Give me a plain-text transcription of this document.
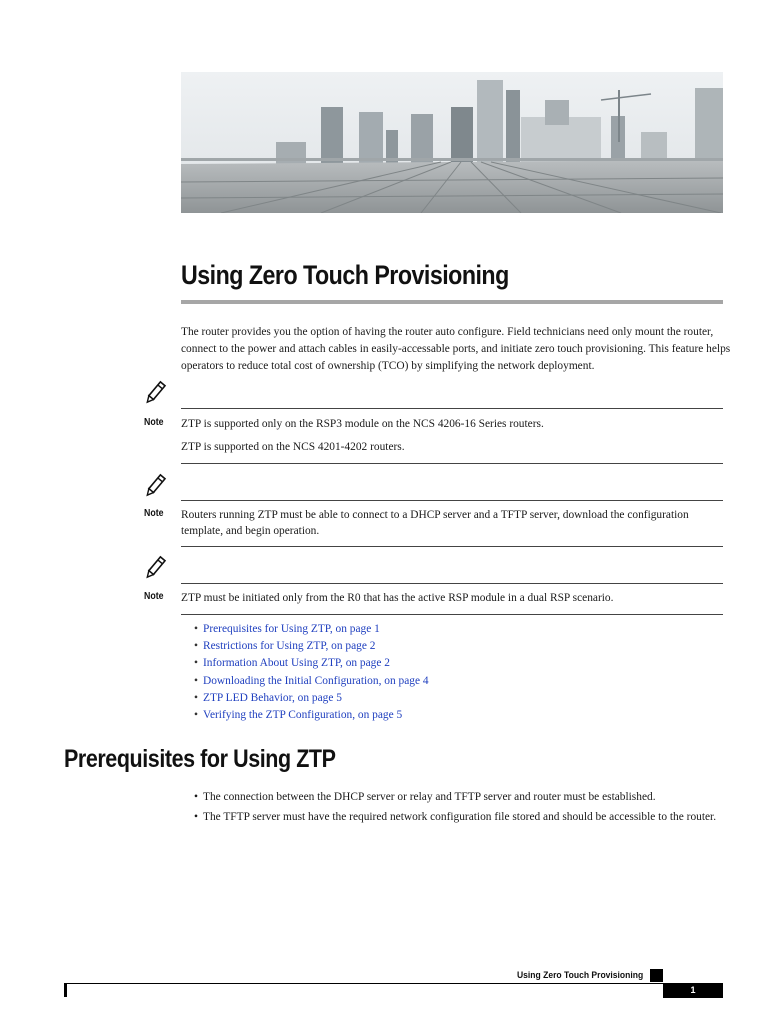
Using Zero Touch Provisioning

The router provides you the option of having the router auto configure. Field technicians need only mount the router, connect to the power and attach cables in easily-accessable ports, and initiate zero touch provisioning. This feature helps operators to reduce total cost of ownership (TCO) by simplifying the network deployment.

Note ZTP is supported only on the RSP3 module on the NCS 4206-16 Series routers.

ZTP is supported on the NCS 4201-4202 routers.

Note Routers running ZTP must be able to connect to a DHCP server and a TFTP server, download the configuration template, and begin operation.

Note ZTP must be initiated only from the R0 that has the active RSP module in a dual RSP scenario.

• Prerequisites for Using ZTP, on page 1
• Restrictions for Using ZTP, on page 2
• Information About Using ZTP, on page 2
• Downloading the Initial Configuration, on page 4
• ZTP LED Behavior, on page 5
• Verifying the ZTP Configuration, on page 5
Prerequisites for Using ZTP
• The connection between the DHCP server or relay and TFTP server and router must be established.
• The TFTP server must have the required network configuration file stored and should be accessible to the router.
Using Zero Touch Provisioning
1
